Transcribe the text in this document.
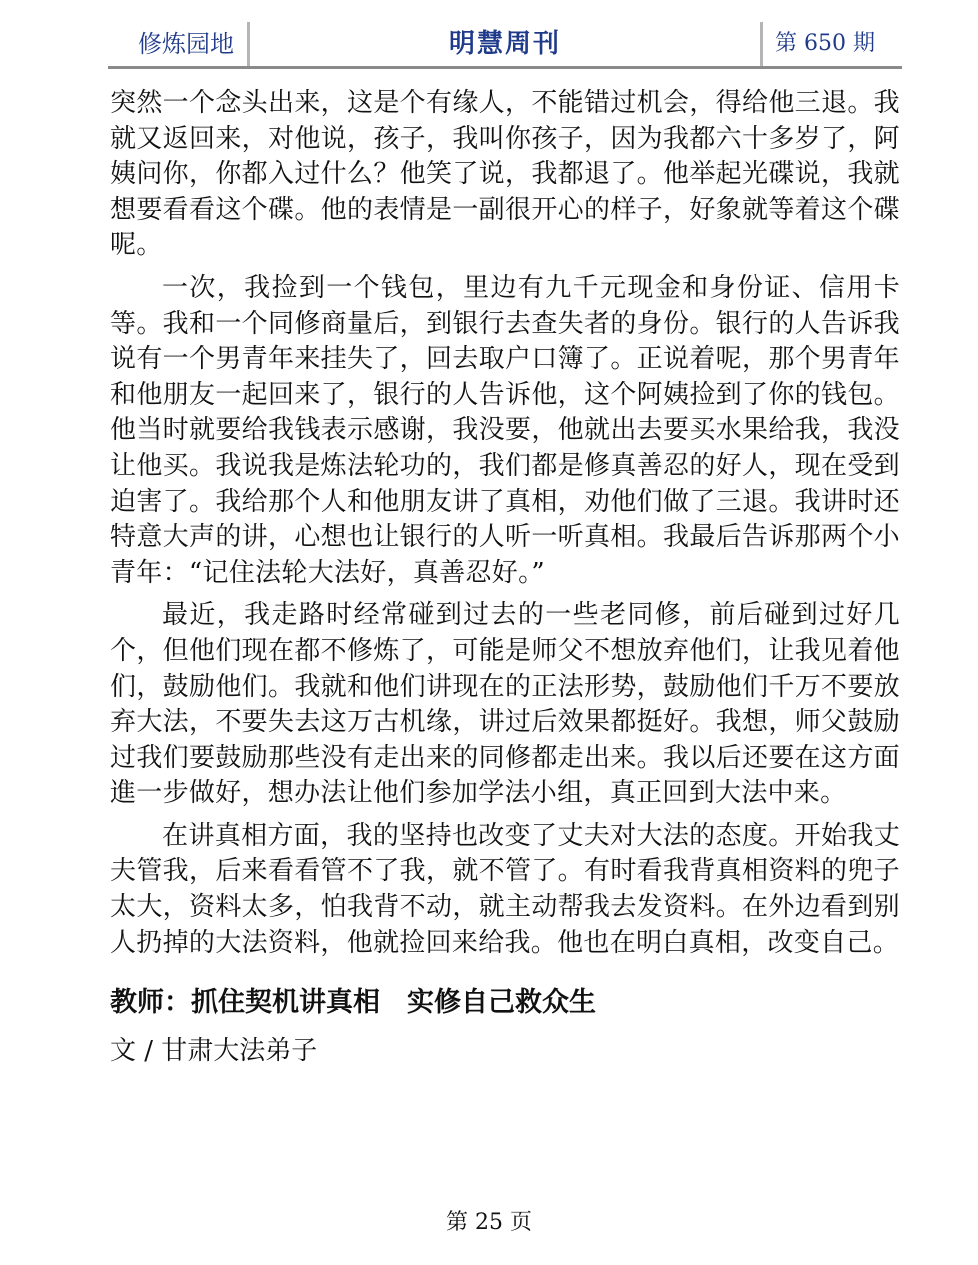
修炼园地	明慧周刊	第 650 期

突然一个念头出来，这是个有缘人，不能错过机会，得给他三退。我就又返回来，对他说，孩子，我叫你孩子，因为我都六十多岁了，阿姨问你，你都入过什么？他笑了说，我都退了。他举起光碟说，我就想要看看这个碟。他的表情是一副很开心的样子，好象就等着这个碟呢。

一次，我捡到一个钱包，里边有九千元现金和身份证、信用卡等。我和一个同修商量后，到银行去查失者的身份。银行的人告诉我说有一个男青年来挂失了，回去取户口簿了。正说着呢，那个男青年和他朋友一起回来了，银行的人告诉他，这个阿姨捡到了你的钱包。他当时就要给我钱表示感谢，我没要，他就出去要买水果给我，我没让他买。我说我是炼法轮功的，我们都是修真善忍的好人，现在受到迫害了。我给那个人和他朋友讲了真相，劝他们做了三退。我讲时还特意大声的讲，心想也让银行的人听一听真相。我最后告诉那两个小青年：“记住法轮大法好，真善忍好。”

最近，我走路时经常碰到过去的一些老同修，前后碰到过好几个，但他们现在都不修炼了，可能是师父不想放弃他们，让我见着他们，鼓励他们。我就和他们讲现在的正法形势，鼓励他们千万不要放弃大法，不要失去这万古机缘，讲过后效果都挺好。我想，师父鼓励过我们要鼓励那些没有走出来的同修都走出来。我以后还要在这方面進一步做好，想办法让他们参加学法小组，真正回到大法中来。

在讲真相方面，我的坚持也改变了丈夫对大法的态度。开始我丈夫管我，后来看看管不了我，就不管了。有时看我背真相资料的兜子太大，资料太多，怕我背不动，就主动帮我去发资料。在外边看到别人扔掉的大法资料，他就捡回来给我。他也在明白真相，改变自己。

教师：抓住契机讲真相　实修自己救众生

文 / 甘肃大法弟子

第 25 页
